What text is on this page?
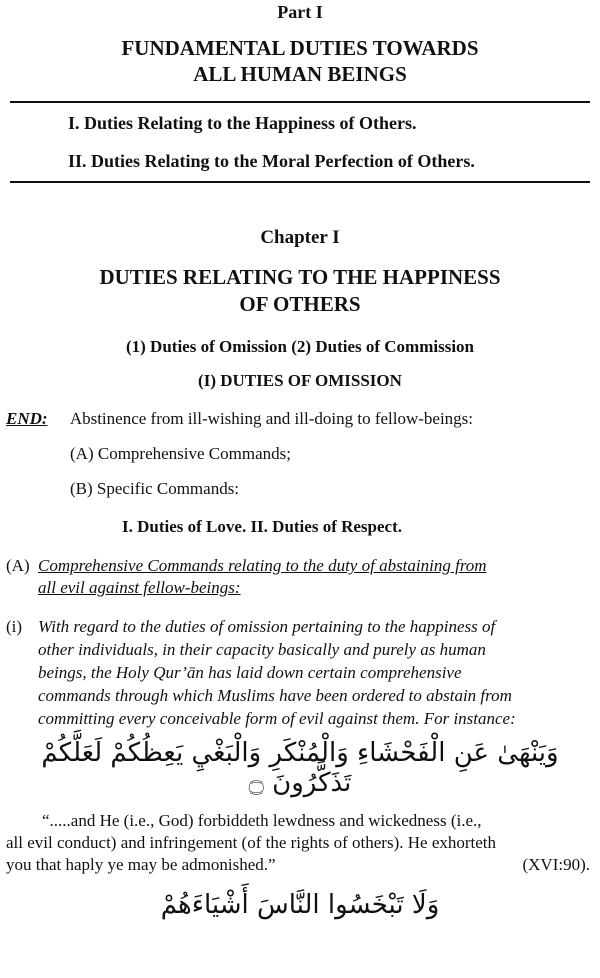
Part I
FUNDAMENTAL DUTIES TOWARDS
ALL HUMAN BEINGS
I. Duties Relating to the Happiness of Others.
II. Duties Relating to the Moral Perfection of Others.
Chapter I
DUTIES RELATING TO THE HAPPINESS
OF OTHERS
(1) Duties of Omission (2) Duties of Commission
(I) DUTIES OF OMISSION
END: Abstinence from ill-wishing and ill-doing to fellow-beings:
(A) Comprehensive Commands;
(B) Specific Commands:
I. Duties of Love. II. Duties of Respect.
(A) Comprehensive Commands relating to the duty of abstaining from
all evil against fellow-beings:
(i) With regard to the duties of omission pertaining to the happiness of
other individuals, in their capacity basically and purely as human
beings, the Holy Qur’ān has laid down certain comprehensive
commands through which Muslims have been ordered to abstain from
committing every conceivable form of evil against them. For instance:
وَيَنْهَىٰ عَنِ الْفَحْشَاءِ وَالْمُنْكَرِ وَالْبَغْيِ يَعِظُكُمْ لَعَلَّكُمْ تَذَكَّرُونَ ۝
“.....and He (i.e., God) forbiddeth lewdness and wickedness (i.e.,
all evil conduct) and infringement (of the rights of others). He exhorteth
you that haply ye may be admonished.”	(XVI:90).
وَلَا تَبْخَسُوا النَّاسَ أَشْيَاءَهُمْ
